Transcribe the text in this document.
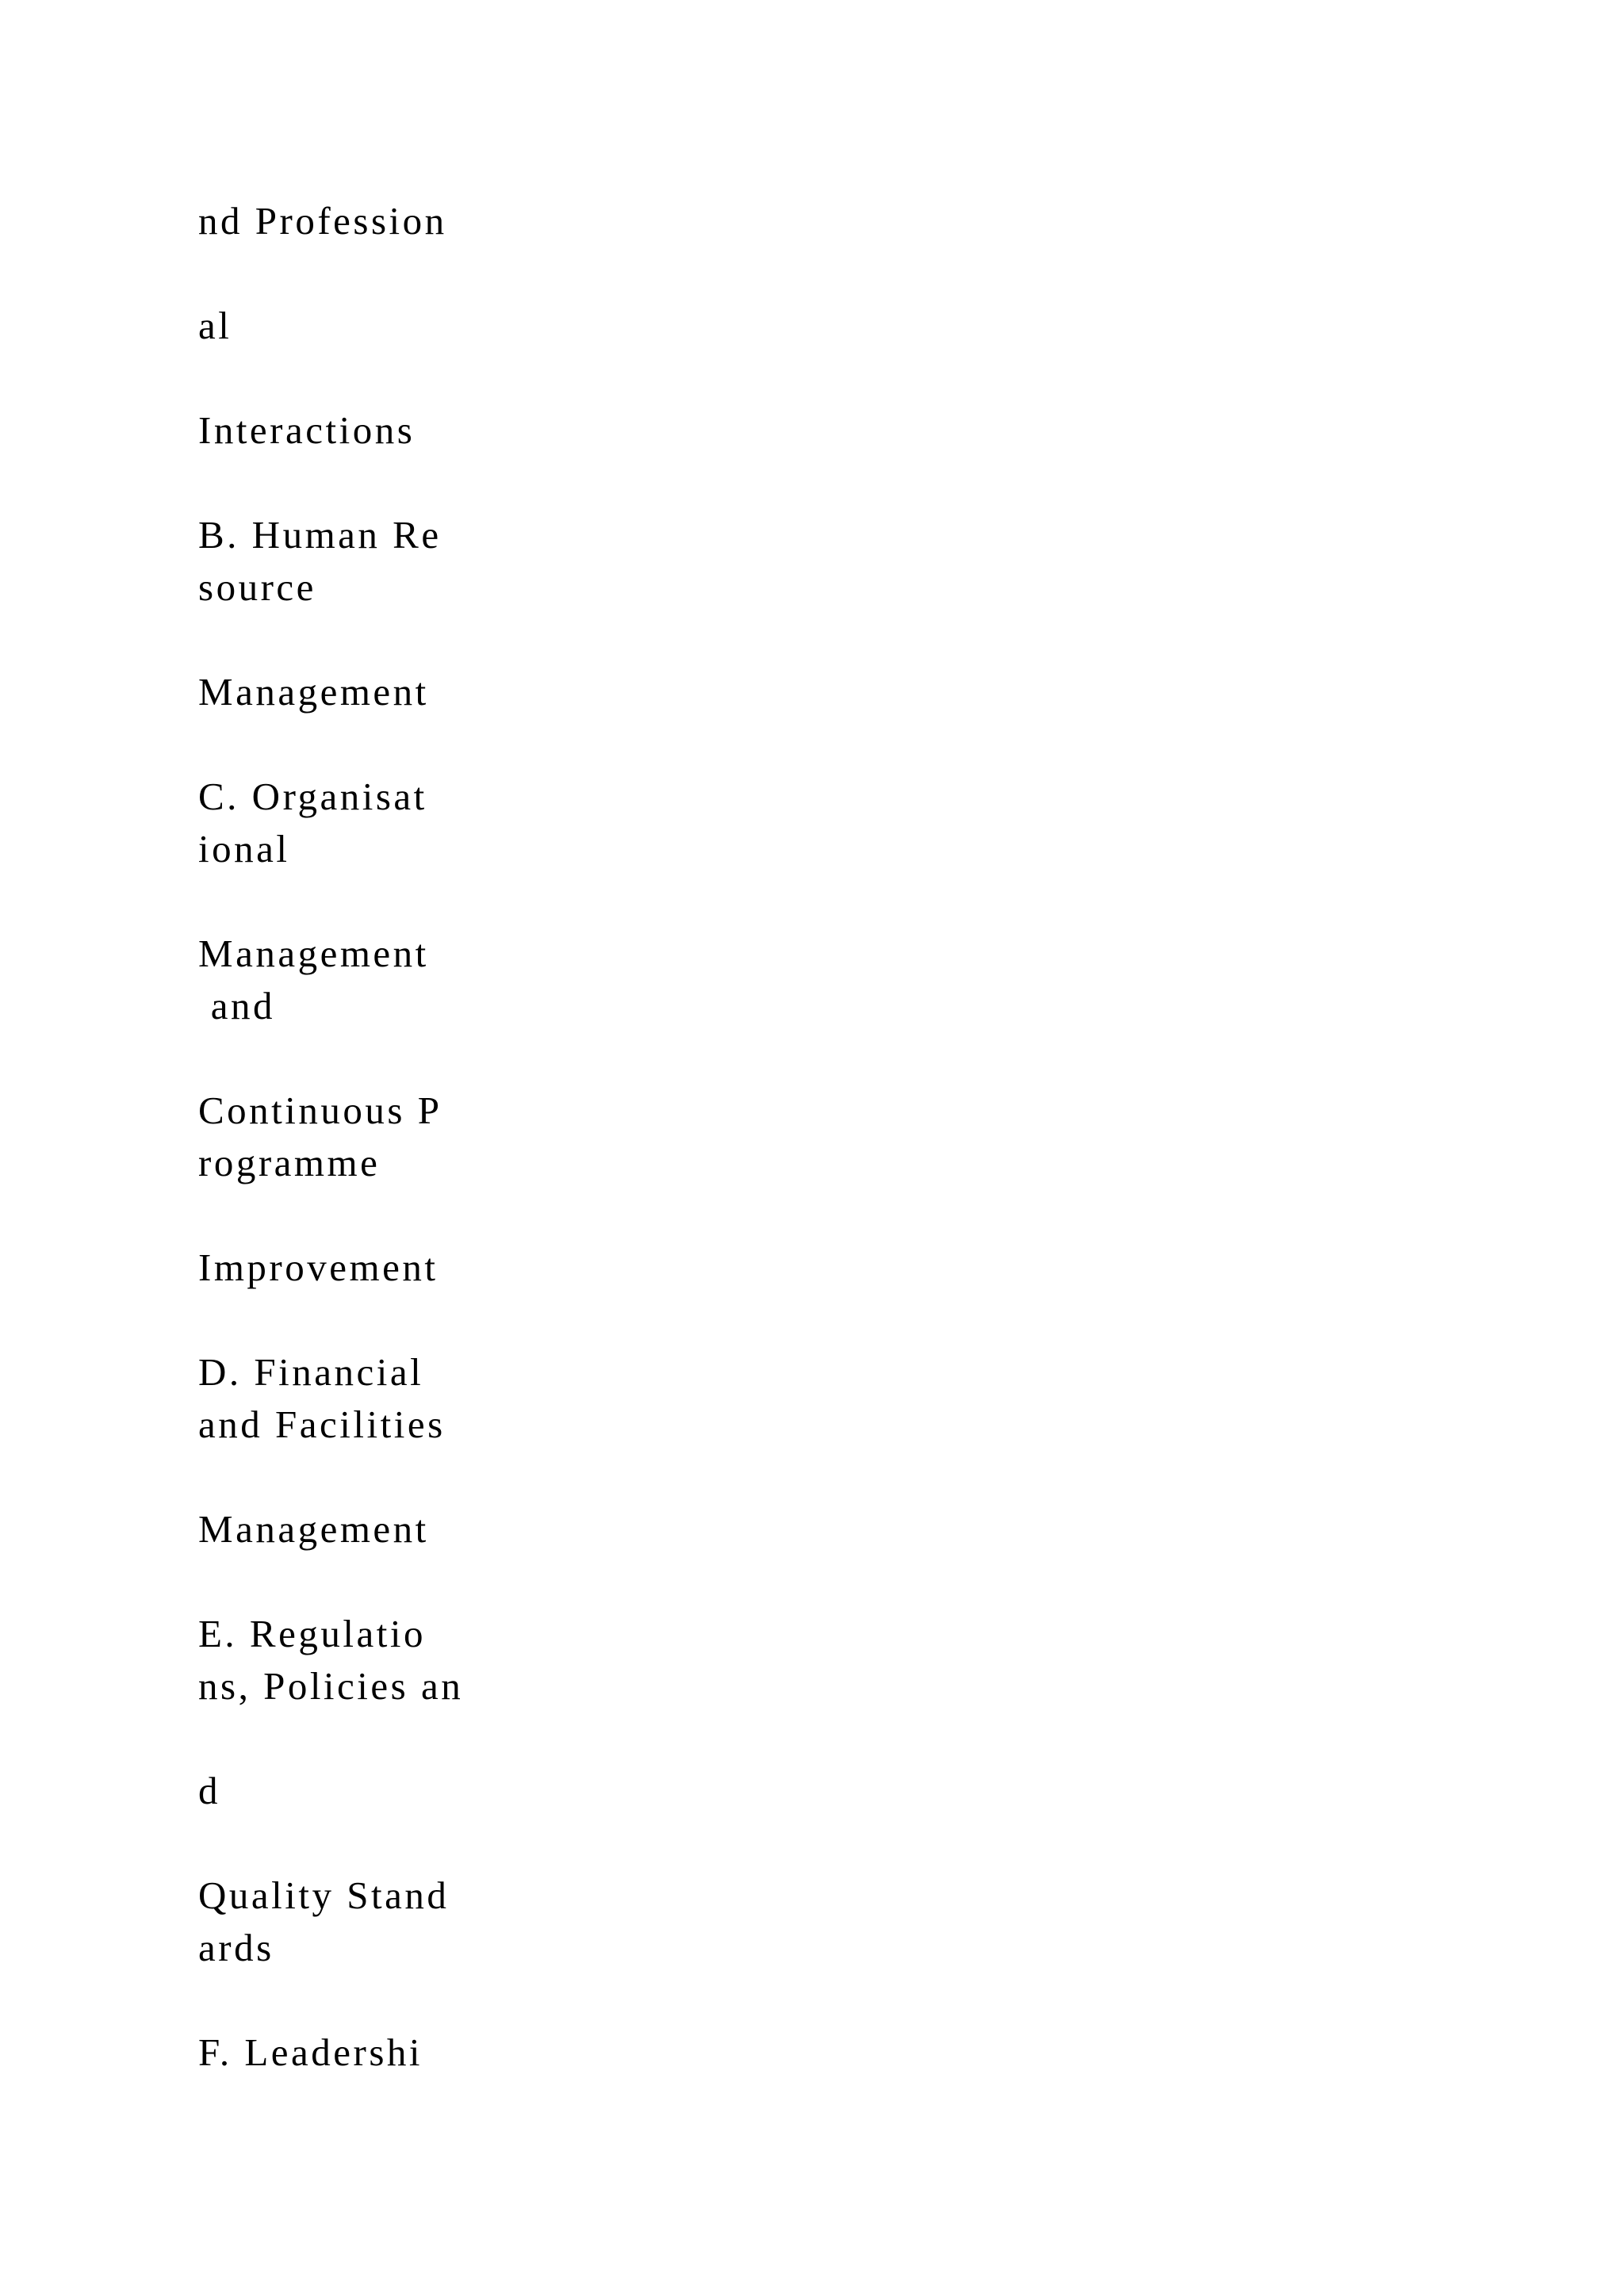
nd Profession

al

Interactions

B. Human Re

source

Management

C. Organisat

ional

Management

and

Continuous P

rogramme

Improvement

D. Financial

and Facilities

Management

E. Regulatio

ns, Policies an

d

Quality Stand

ards

F. Leadershi
